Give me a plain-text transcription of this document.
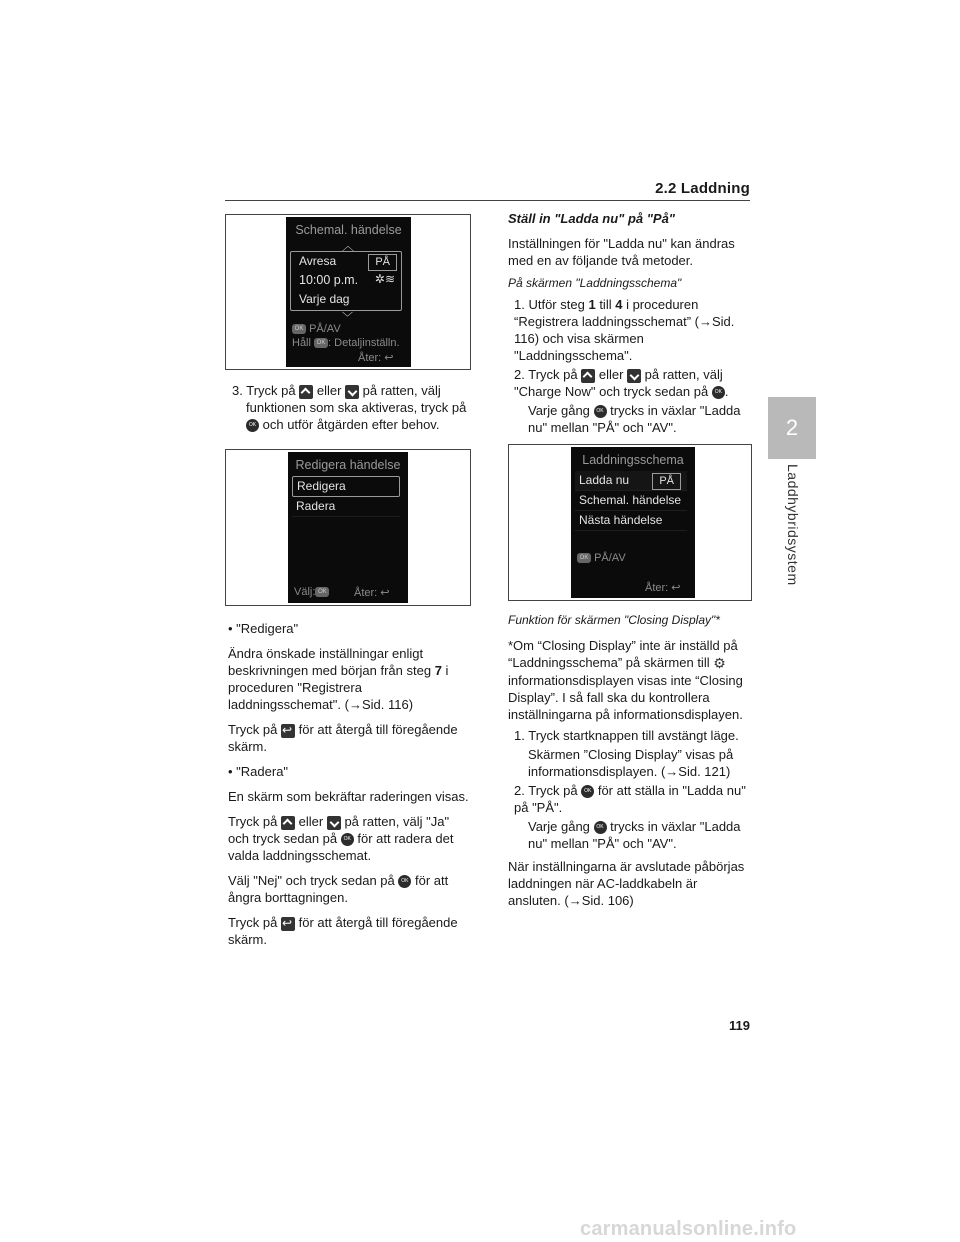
2.2 Laddning
2
Laddhybridsystem
119
carmanualsonline.info
Schemal. händelse
︿
Avresa	PÅ
10:00 p.m.	✲≋
Varje dag
﹀
OK PÅ/AV
Håll OK : Detaljinställn.
Åter: ↩

3. Tryck på eller på ratten, välj

funktionen som ska aktiveras, tryck på

OK och utför åtgärden efter behov.

Redigera händelse
Redigera
Radera
Välj: OK Åter: ↩

• "Redigera"

Ändra önskade inställningar enligt beskrivningen med början från steg 7 i proceduren "Registrera laddningsschemat". (→Sid. 116)

Tryck på ↩ för att återgå till föregående skärm.

• "Radera"

En skärm som bekräftar raderingen visas.

Tryck på eller på ratten, välj "Ja" och tryck sedan på OK för att radera det valda laddningsschemat.

Välj "Nej" och tryck sedan på OK för att ångra borttagningen.

Tryck på ↩ för att återgå till föregående skärm.

Ställ in "Ladda nu" på "På"

Inställningen för "Ladda nu" kan ändras med en av följande två metoder.

På skärmen "Laddningsschema"

1. Utför steg 1 till 4 i proceduren “Registrera laddningsschemat” (→Sid. 116) och visa skärmen "Laddningsschema".

2. Tryck på eller på ratten, välj "Charge Now" och tryck sedan på OK .

Varje gång OK trycks in växlar "Ladda nu" mellan "PÅ" och "AV".

Laddningsschema
Ladda nu	PÅ
Schemal. händelse
Nästa händelse
OK PÅ/AV
Åter: ↩

Funktion för skärmen "Closing Display"*

*Om “Closing Display” inte är inställd på “Laddningsschema” på skärmen till ⚙ informationsdisplayen visas inte “Closing Display”. I så fall ska du kontrollera inställningarna på informationsdisplayen.

1. Tryck startknappen till avstängt läge.

Skärmen ”Closing Display” visas på informationsdisplayen. (→Sid. 121)

2. Tryck på OK för att ställa in "Ladda nu" på "PÅ".

Varje gång OK trycks in växlar "Ladda nu" mellan "PÅ" och "AV".

När inställningarna är avslutade påbörjas laddningen när AC-laddkabeln är ansluten. (→Sid. 106)
